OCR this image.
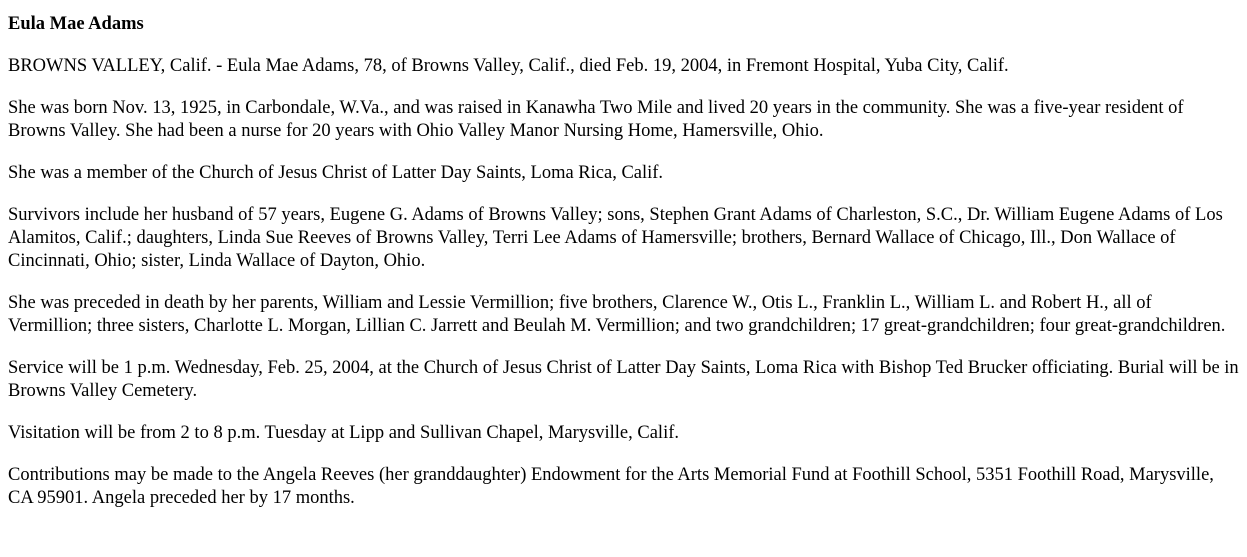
Eula Mae Adams

BROWNS VALLEY, Calif. - Eula Mae Adams, 78, of Browns Valley, Calif., died Feb. 19, 2004, in Fremont Hospital, Yuba City, Calif.

She was born Nov. 13, 1925, in Carbondale, W.Va., and was raised in Kanawha Two Mile and lived 20 years in the community. She was a five-year resident of Browns Valley. She had been a nurse for 20 years with Ohio Valley Manor Nursing Home, Hamersville, Ohio.

She was a member of the Church of Jesus Christ of Latter Day Saints, Loma Rica, Calif.

Survivors include her husband of 57 years, Eugene G. Adams of Browns Valley; sons, Stephen Grant Adams of Charleston, S.C., Dr. William Eugene Adams of Los Alamitos, Calif.; daughters, Linda Sue Reeves of Browns Valley, Terri Lee Adams of Hamersville; brothers, Bernard Wallace of Chicago, Ill., Don Wallace of Cincinnati, Ohio; sister, Linda Wallace of Dayton, Ohio.

She was preceded in death by her parents, William and Lessie Vermillion; five brothers, Clarence W., Otis L., Franklin L., William L. and Robert H., all of Vermillion; three sisters, Charlotte L. Morgan, Lillian C. Jarrett and Beulah M. Vermillion; and two grandchildren; 17 great-grandchildren; four great-grandchildren.

Service will be 1 p.m. Wednesday, Feb. 25, 2004, at the Church of Jesus Christ of Latter Day Saints, Loma Rica with Bishop Ted Brucker officiating. Burial will be in Browns Valley Cemetery.

Visitation will be from 2 to 8 p.m. Tuesday at Lipp and Sullivan Chapel, Marysville, Calif.

Contributions may be made to the Angela Reeves (her granddaughter) Endowment for the Arts Memorial Fund at Foothill School, 5351 Foothill Road, Marysville, CA 95901. Angela preceded her by 17 months.
